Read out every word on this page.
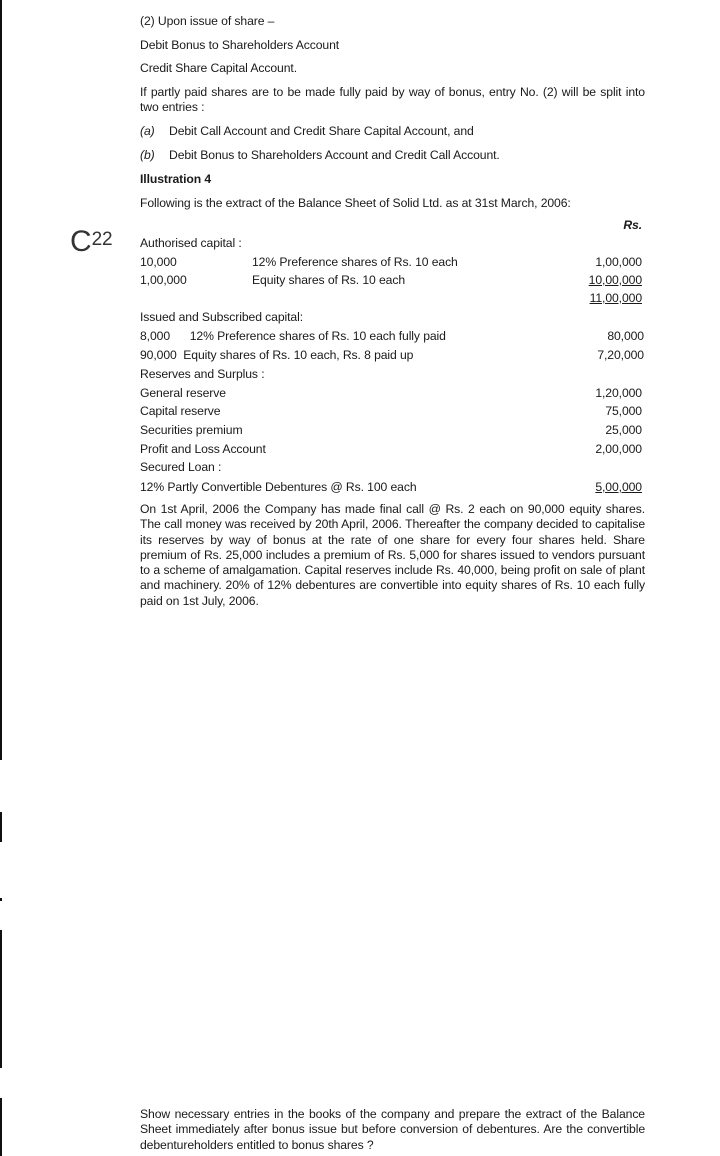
(2) Upon issue of share –
Debit Bonus to Shareholders Account
Credit Share Capital Account.
If partly paid shares are to be made fully paid by way of bonus, entry No. (2) will be split into two entries :
(a) Debit Call Account and Credit Share Capital Account, and
(b) Debit Bonus to Shareholders Account and Credit Call Account.
Illustration 4
Following is the extract of the Balance Sheet of Solid Ltd. as at 31st March, 2006:
Rs.
$C^{22}$ Authorised capital :
10,000	12% Preference shares of Rs. 10 each	1,00,000
1,00,000	Equity shares of Rs. 10 each	10,00,000
11,00,000
Issued and Subscribed capital:
8,000      12% Preference shares of Rs. 10 each fully paid	80,000
90,000  Equity shares of Rs. 10 each, Rs. 8 paid up	7,20,000
Reserves and Surplus :
General reserve	1,20,000
Capital reserve	75,000
Securities premium	25,000
Profit and Loss Account	2,00,000
Secured Loan :
12% Partly Convertible Debentures @ Rs. 100 each	5,00,000
On 1st April, 2006 the Company has made final call @ Rs. 2 each on 90,000 equity shares. The call money was received by 20th April, 2006. Thereafter the company decided to capitalise its reserves by way of bonus at the rate of one share for every four shares held. Share premium of Rs. 25,000 includes a premium of Rs. 5,000 for shares issued to vendors pursuant to a scheme of amalgamation. Capital reserves include Rs. 40,000, being profit on sale of plant and machinery. 20% of 12% debentures are convertible into equity shares of Rs. 10 each fully paid on 1st July, 2006.
Show necessary entries in the books of the company and prepare the extract of the Balance Sheet immediately after bonus issue but before conversion of debentures. Are the convertible debentureholders entitled to bonus shares ?
